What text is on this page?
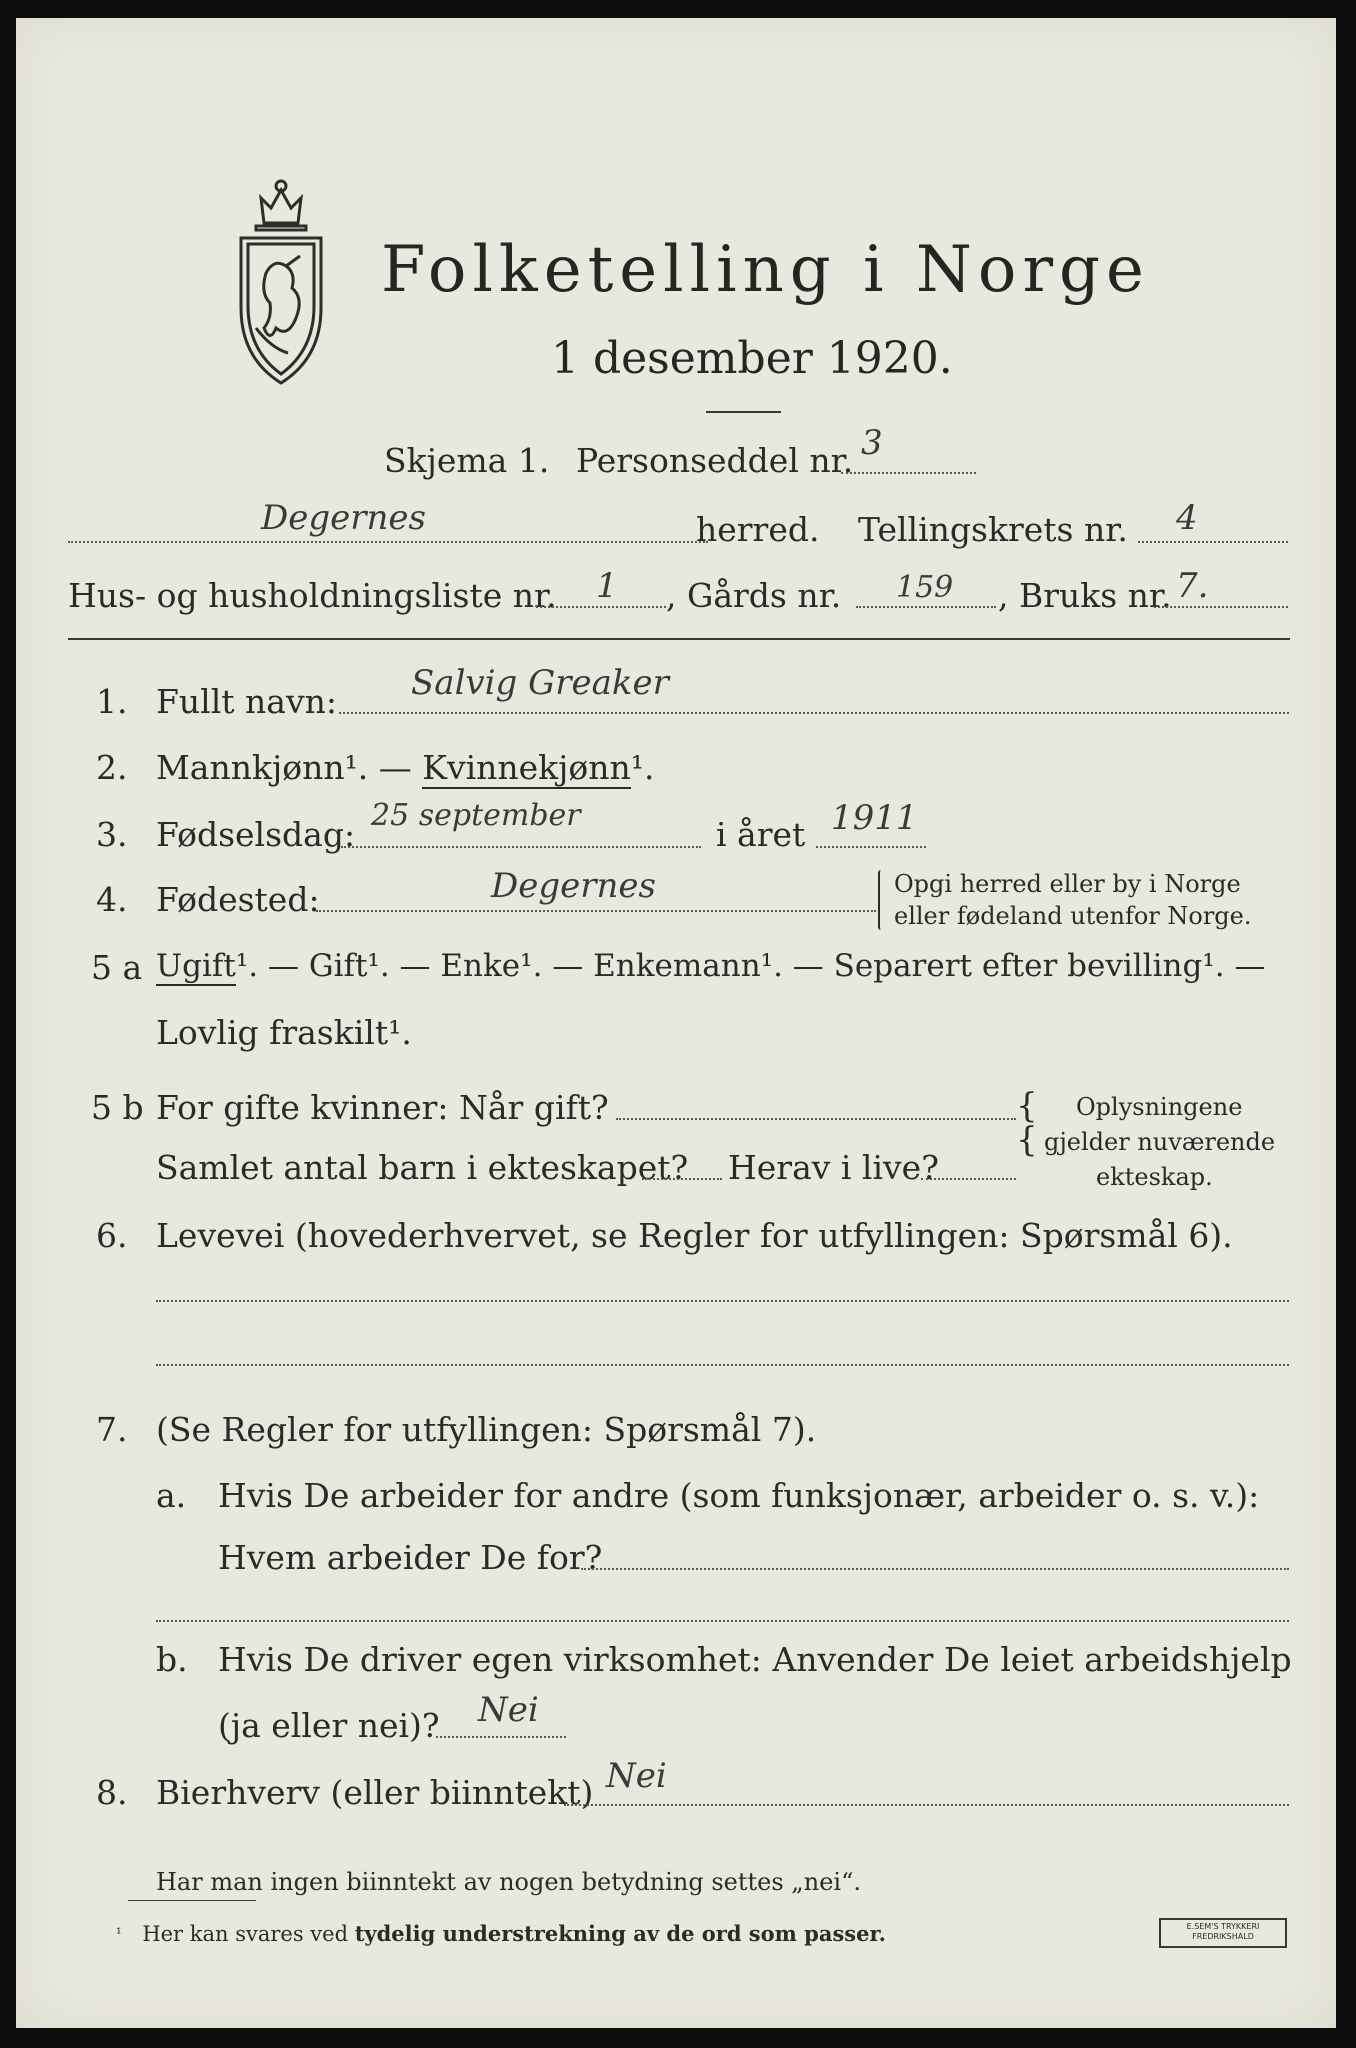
Folketelling i Norge
1 desember 1920.
Skjema 1. Personseddel nr. 3
Degernes	herred. Tellingskrets nr. 4
Hus- og husholdningsliste nr. 1 , Gårds nr. 159 , Bruks nr. 7.
1. Fullt navn: Salvig Greaker
2. Mannkjønn¹. — Kvinnekjønn¹.
3. Fødselsdag: 25 september	i året 1911
4. Fødested:	Degernes	Opgi herred eller by i Norge
eller fødeland utenfor Norge.
5 a Ugift¹. — Gift¹. — Enke¹. — Enkemann¹. — Separert efter bevilling¹. —
Lovlig fraskilt¹.
5 b For gifte kvinner: Når gift?
Samlet antal barn i ekteskapet? Herav i live?
{
{
Oplysningene
gjelder nuværende
ekteskap.
6. Levevei (hovederhvervet, se Regler for utfyllingen: Spørsmål 6).
7. (Se Regler for utfyllingen: Spørsmål 7).
a. Hvis De arbeider for andre (som funksjonær, arbeider o. s. v.):
Hvem arbeider De for?
b. Hvis De driver egen virksomhet: Anvender De leiet arbeidshjelp
(ja eller nei)? Nei
8. Bierhverv (eller biinntekt) Nei
Har man ingen biinntekt av nogen betydning settes „nei“.
$^{^1}$ Her kan svares ved tydelig understrekning av de ord som passer.	E.SEM'S TRYKKERI
FREDRIKSHALD
